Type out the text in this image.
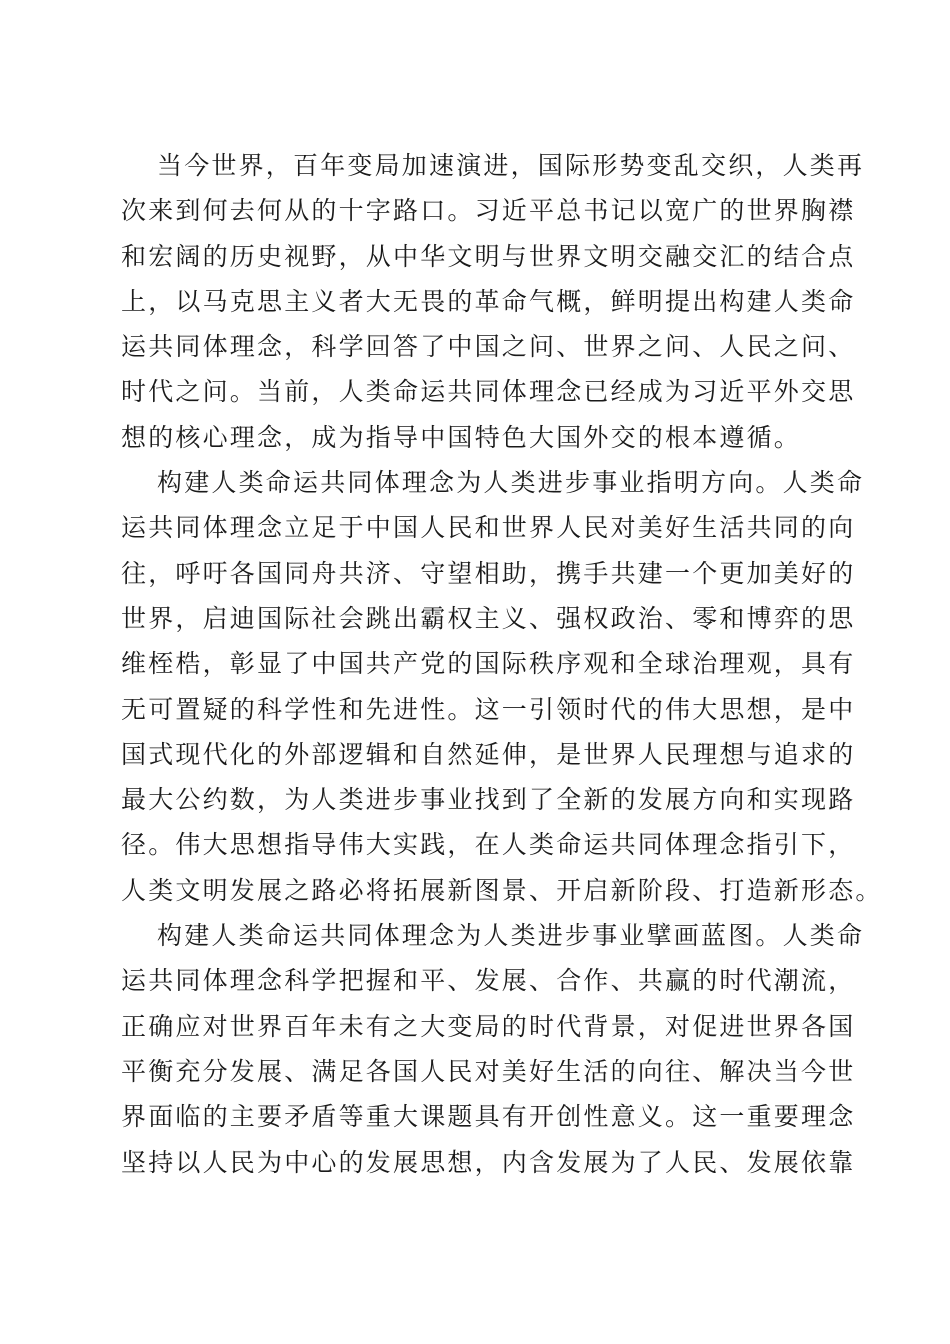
当今世界，百年变局加速演进，国际形势变乱交织，人类再
次来到何去何从的十字路口。习近平总书记以宽广的世界胸襟
和宏阔的历史视野，从中华文明与世界文明交融交汇的结合点
上，以马克思主义者大无畏的革命气概，鲜明提出构建人类命
运共同体理念，科学回答了中国之问、世界之问、人民之问、
时代之问。当前，人类命运共同体理念已经成为习近平外交思
想的核心理念，成为指导中国特色大国外交的根本遵循。
构建人类命运共同体理念为人类进步事业指明方向。人类命
运共同体理念立足于中国人民和世界人民对美好生活共同的向
往，呼吁各国同舟共济、守望相助，携手共建一个更加美好的
世界，启迪国际社会跳出霸权主义、强权政治、零和博弈的思
维桎梏，彰显了中国共产党的国际秩序观和全球治理观，具有
无可置疑的科学性和先进性。这一引领时代的伟大思想，是中
国式现代化的外部逻辑和自然延伸，是世界人民理想与追求的
最大公约数，为人类进步事业找到了全新的发展方向和实现路
径。伟大思想指导伟大实践，在人类命运共同体理念指引下，
人类文明发展之路必将拓展新图景、开启新阶段、打造新形态。
构建人类命运共同体理念为人类进步事业擘画蓝图。人类命
运共同体理念科学把握和平、发展、合作、共赢的时代潮流，
正确应对世界百年未有之大变局的时代背景，对促进世界各国
平衡充分发展、满足各国人民对美好生活的向往、解决当今世
界面临的主要矛盾等重大课题具有开创性意义。这一重要理念
坚持以人民为中心的发展思想，内含发展为了人民、发展依靠
